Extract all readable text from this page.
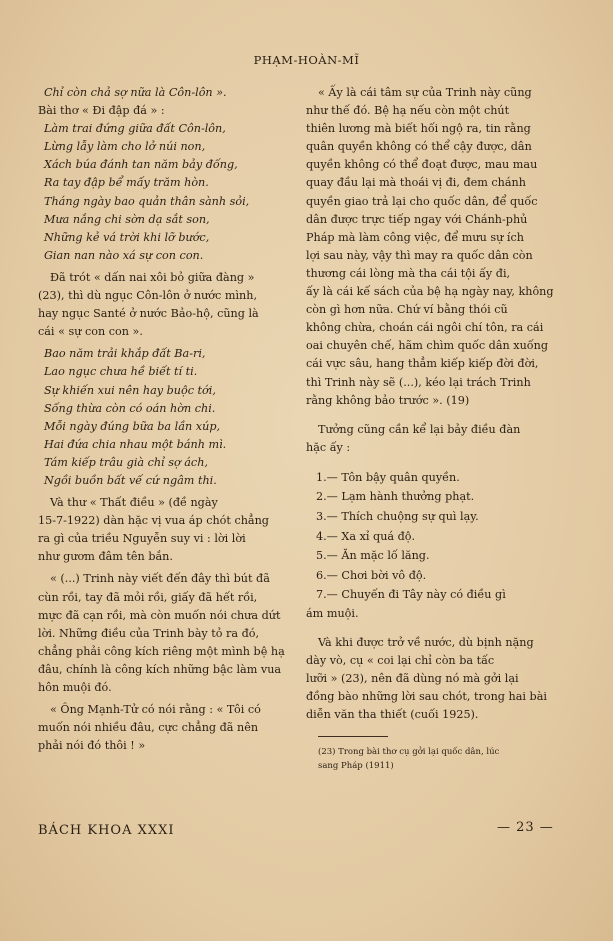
PHẠM-HOÀN-MĨ
Chỉ còn chả sợ nữa là Côn-lôn ».
Bài thơ « Đi đập đá » :
Làm trai đứng giữa đất Côn-lôn,
Lừng lẫy làm cho lở núi non,
Xách búa đánh tan năm bảy đống,
Ra tay đập bể mấy trăm hòn.
Tháng ngày bao quản thân sành sỏi,
Mưa nắng chi sờn dạ sắt son,
Những kẻ vá trời khi lỡ bước,
Gian nan nào xá sự con con.
Đã trót « dấn nai xôi bỏ giữa đàng »
(23), thì dù ngục Côn-lôn ở nước mình,
hay ngục Santé ở nước Bảo-hộ, cũng là
cái « sự con con ».
Bao năm trải khắp đất Ba-ri,
Lao ngục chưa hề biết tí ti.
Sự khiến xui nên hay buộc tới,
Sống thừa còn có oán hờn chi.
Mỗi ngày đúng bữa ba lần xúp,
Hai đứa chia nhau một bánh mì.
Tám kiếp trâu già chỉ sợ ách,
Ngồi buồn bất vế cứ ngâm thi.
Và thư « Thất điều » (đề ngày
15-7-1922) dàn hặc vị vua áp chót chẳng
ra gì của triều Nguyễn suy vi : lời lời
như gươm đâm tên bắn.
« (...) Trinh này viết đến đây thì bút đã
cùn rồi, tay đã mỏi rồi, giấy đã hết rồi,
mực đã cạn rồi, mà còn muốn nói chưa dứt
lời. Những điều của Trinh bày tỏ ra đó,
chẳng phải công kích riêng một mình bệ hạ
đâu, chính là công kích những bậc làm vua
hôn muội đó.
« Ông Mạnh-Tử có nói rằng : « Tôi có
muốn nói nhiều đâu, cực chẳng đã nên
phải nói đó thôi ! »
« Ấy là cái tâm sự của Trinh này cũng
như thế đó. Bệ hạ nếu còn một chút
thiên lương mà biết hối ngộ ra, tin rằng
quân quyền không có thể cậy được, dân
quyền không có thể đoạt được, mau mau
quay đầu lại mà thoái vị đi, đem chánh
quyền giao trả lại cho quốc dân, để quốc
dân được trực tiếp ngay với Chánh-phủ
Pháp mà làm công việc, để mưu sự ích
lợi sau này, vậy thì may ra quốc dân còn
thương cái lòng mà tha cái tội ấy đi,
ấy là cái kế sách của bệ hạ ngày nay, không
còn gì hơn nữa. Chứ ví bằng thói cũ
không chừa, choán cái ngôi chí tôn, ra cái
oai chuyên chế, hãm chìm quốc dân xuống
cái vực sâu, hang thẳm kiếp kiếp đời đời,
thì Trinh này sẽ (...), kéo lại trách Trinh
rằng không bảo trước ». (19)
Tưởng cũng cần kể lại bảy điều đàn
hặc ấy :
1.— Tôn bậy quân quyền.
2.— Lạm hành thưởng phạt.
3.— Thích chuộng sự quì lạy.
4.— Xa xỉ quá độ.
5.— Ăn mặc lố lăng.
6.— Chơi bời vô độ.
7.— Chuyến đi Tây này có điều gì
ám muội.
Và khi được trở về nước, dù bịnh nặng
dày vò, cụ « coi lại chỉ còn ba tấc
lưỡi » (23), nên đã dùng nó mà gởi lại
đồng bào những lời sau chót, trong hai bài
diễn văn tha thiết (cuối 1925).
(23) Trong bài thơ cụ gởi lại quốc dân, lúc
sang Pháp (1911)
BÁCH KHOA XXXI	— 23 —
